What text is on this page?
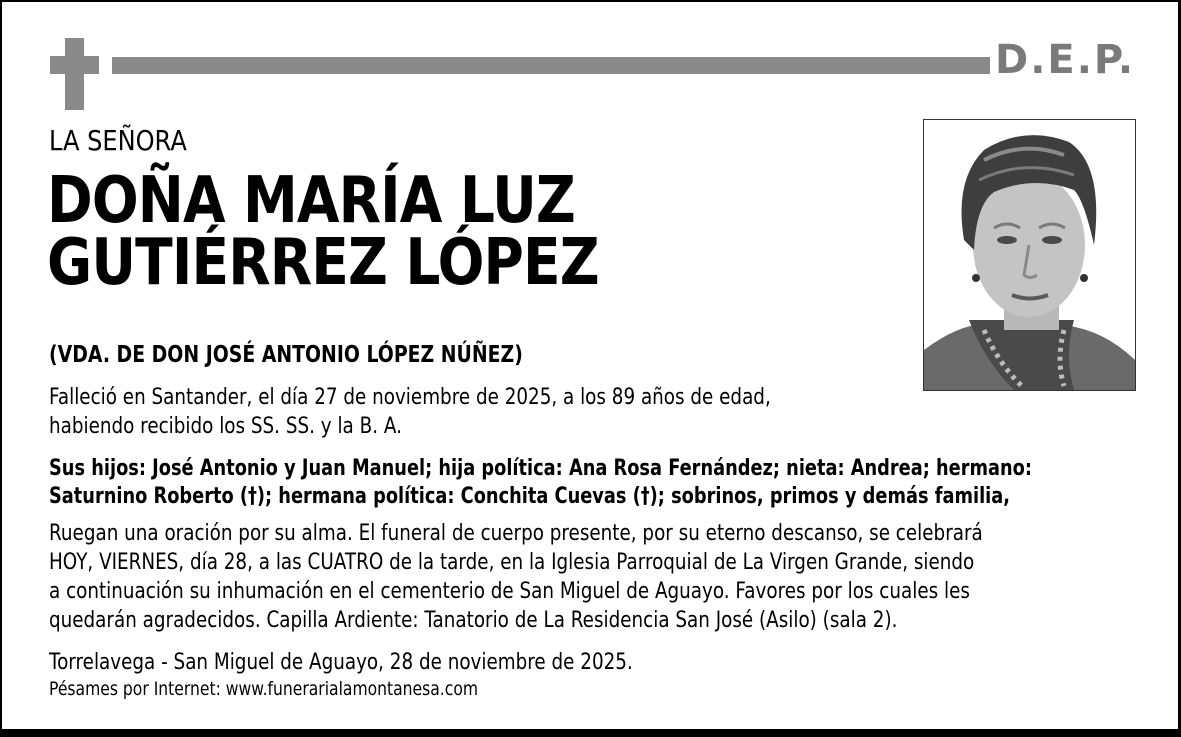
D.E.P.
LA SEÑORA
DOÑA MARÍA LUZ
GUTIÉRREZ LÓPEZ
(VDA. DE DON JOSÉ ANTONIO LÓPEZ NÚÑEZ)
Falleció en Santander, el día 27 de noviembre de 2025, a los 89 años de edad,
habiendo recibido los SS. SS. y la B. A.
Sus hijos: José Antonio y Juan Manuel; hija política: Ana Rosa Fernández; nieta: Andrea; hermano:
Saturnino Roberto (†); hermana política: Conchita Cuevas (†); sobrinos, primos y demás familia,
Ruegan una oración por su alma. El funeral de cuerpo presente, por su eterno descanso, se celebrará
HOY, VIERNES, día 28, a las CUATRO de la tarde, en la Iglesia Parroquial de La Virgen Grande, siendo
a continuación su inhumación en el cementerio de San Miguel de Aguayo. Favores por los cuales les
quedarán agradecidos. Capilla Ardiente: Tanatorio de La Residencia San José (Asilo) (sala 2).
Torrelavega - San Miguel de Aguayo, 28 de noviembre de 2025.
Pésames por Internet: www.funerarialamontanesa.com
